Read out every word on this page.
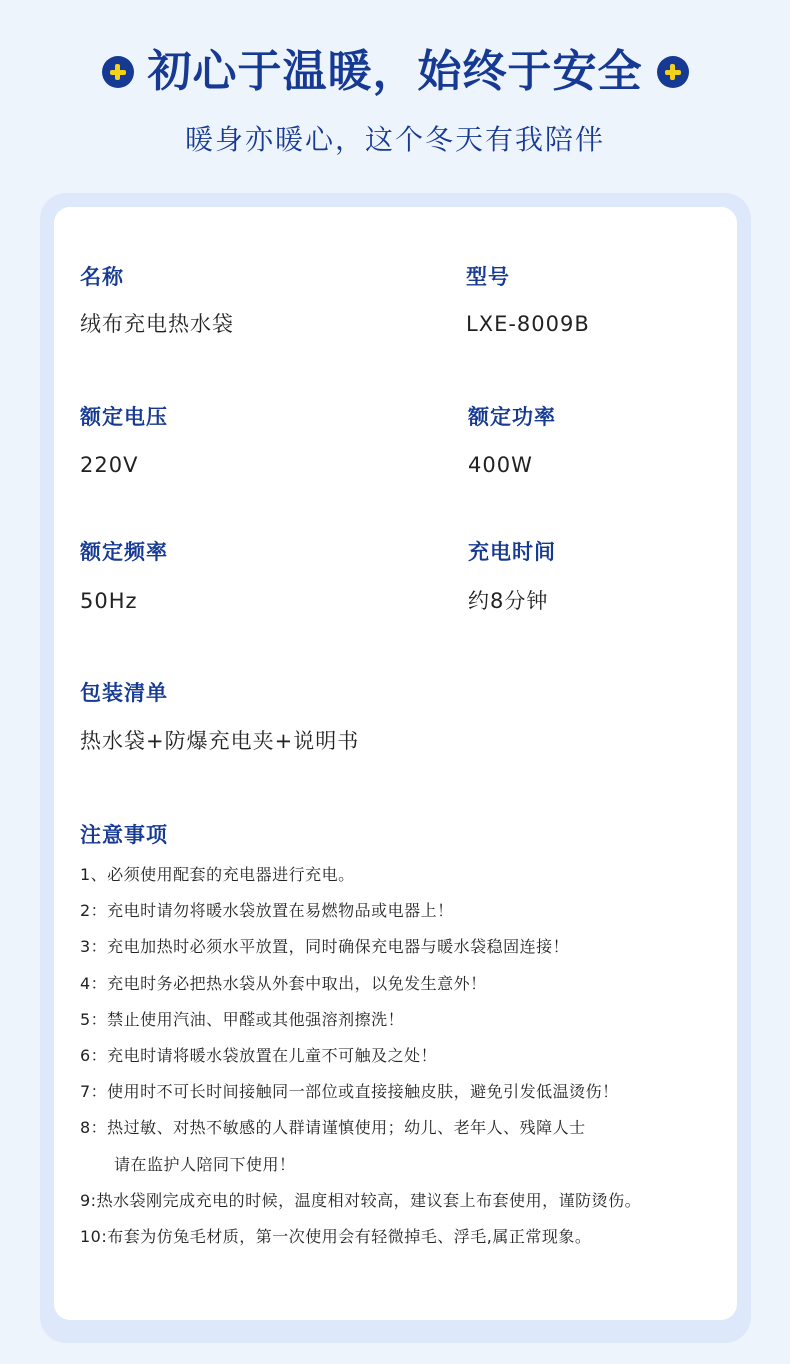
初心于温暖，始终于安全
暖身亦暖心，这个冬天有我陪伴
名称
绒布充电热水袋
型号
LXE-8009B
额定电压
220V
额定功率
400W
额定频率
50Hz
充电时间
约8分钟
包装清单
热水袋+防爆充电夹+说明书
注意事项
1、必须使用配套的充电器进行充电。
2：充电时请勿将暖水袋放置在易燃物品或电器上！
3：充电加热时必须水平放置，同时确保充电器与暖水袋稳固连接！
4：充电时务必把热水袋从外套中取出，以免发生意外！
5：禁止使用汽油、甲醛或其他强溶剂擦洗！
6：充电时请将暖水袋放置在儿童不可触及之处！
7：使用时不可长时间接触同一部位或直接接触皮肤，避免引发低温烫伤！
8：热过敏、对热不敏感的人群请谨慎使用；幼儿、老年人、残障人士
请在监护人陪同下使用！
9:热水袋刚完成充电的时候，温度相对较高，建议套上布套使用，谨防烫伤。
10:布套为仿兔毛材质，第一次使用会有轻微掉毛、浮毛,属正常现象。
